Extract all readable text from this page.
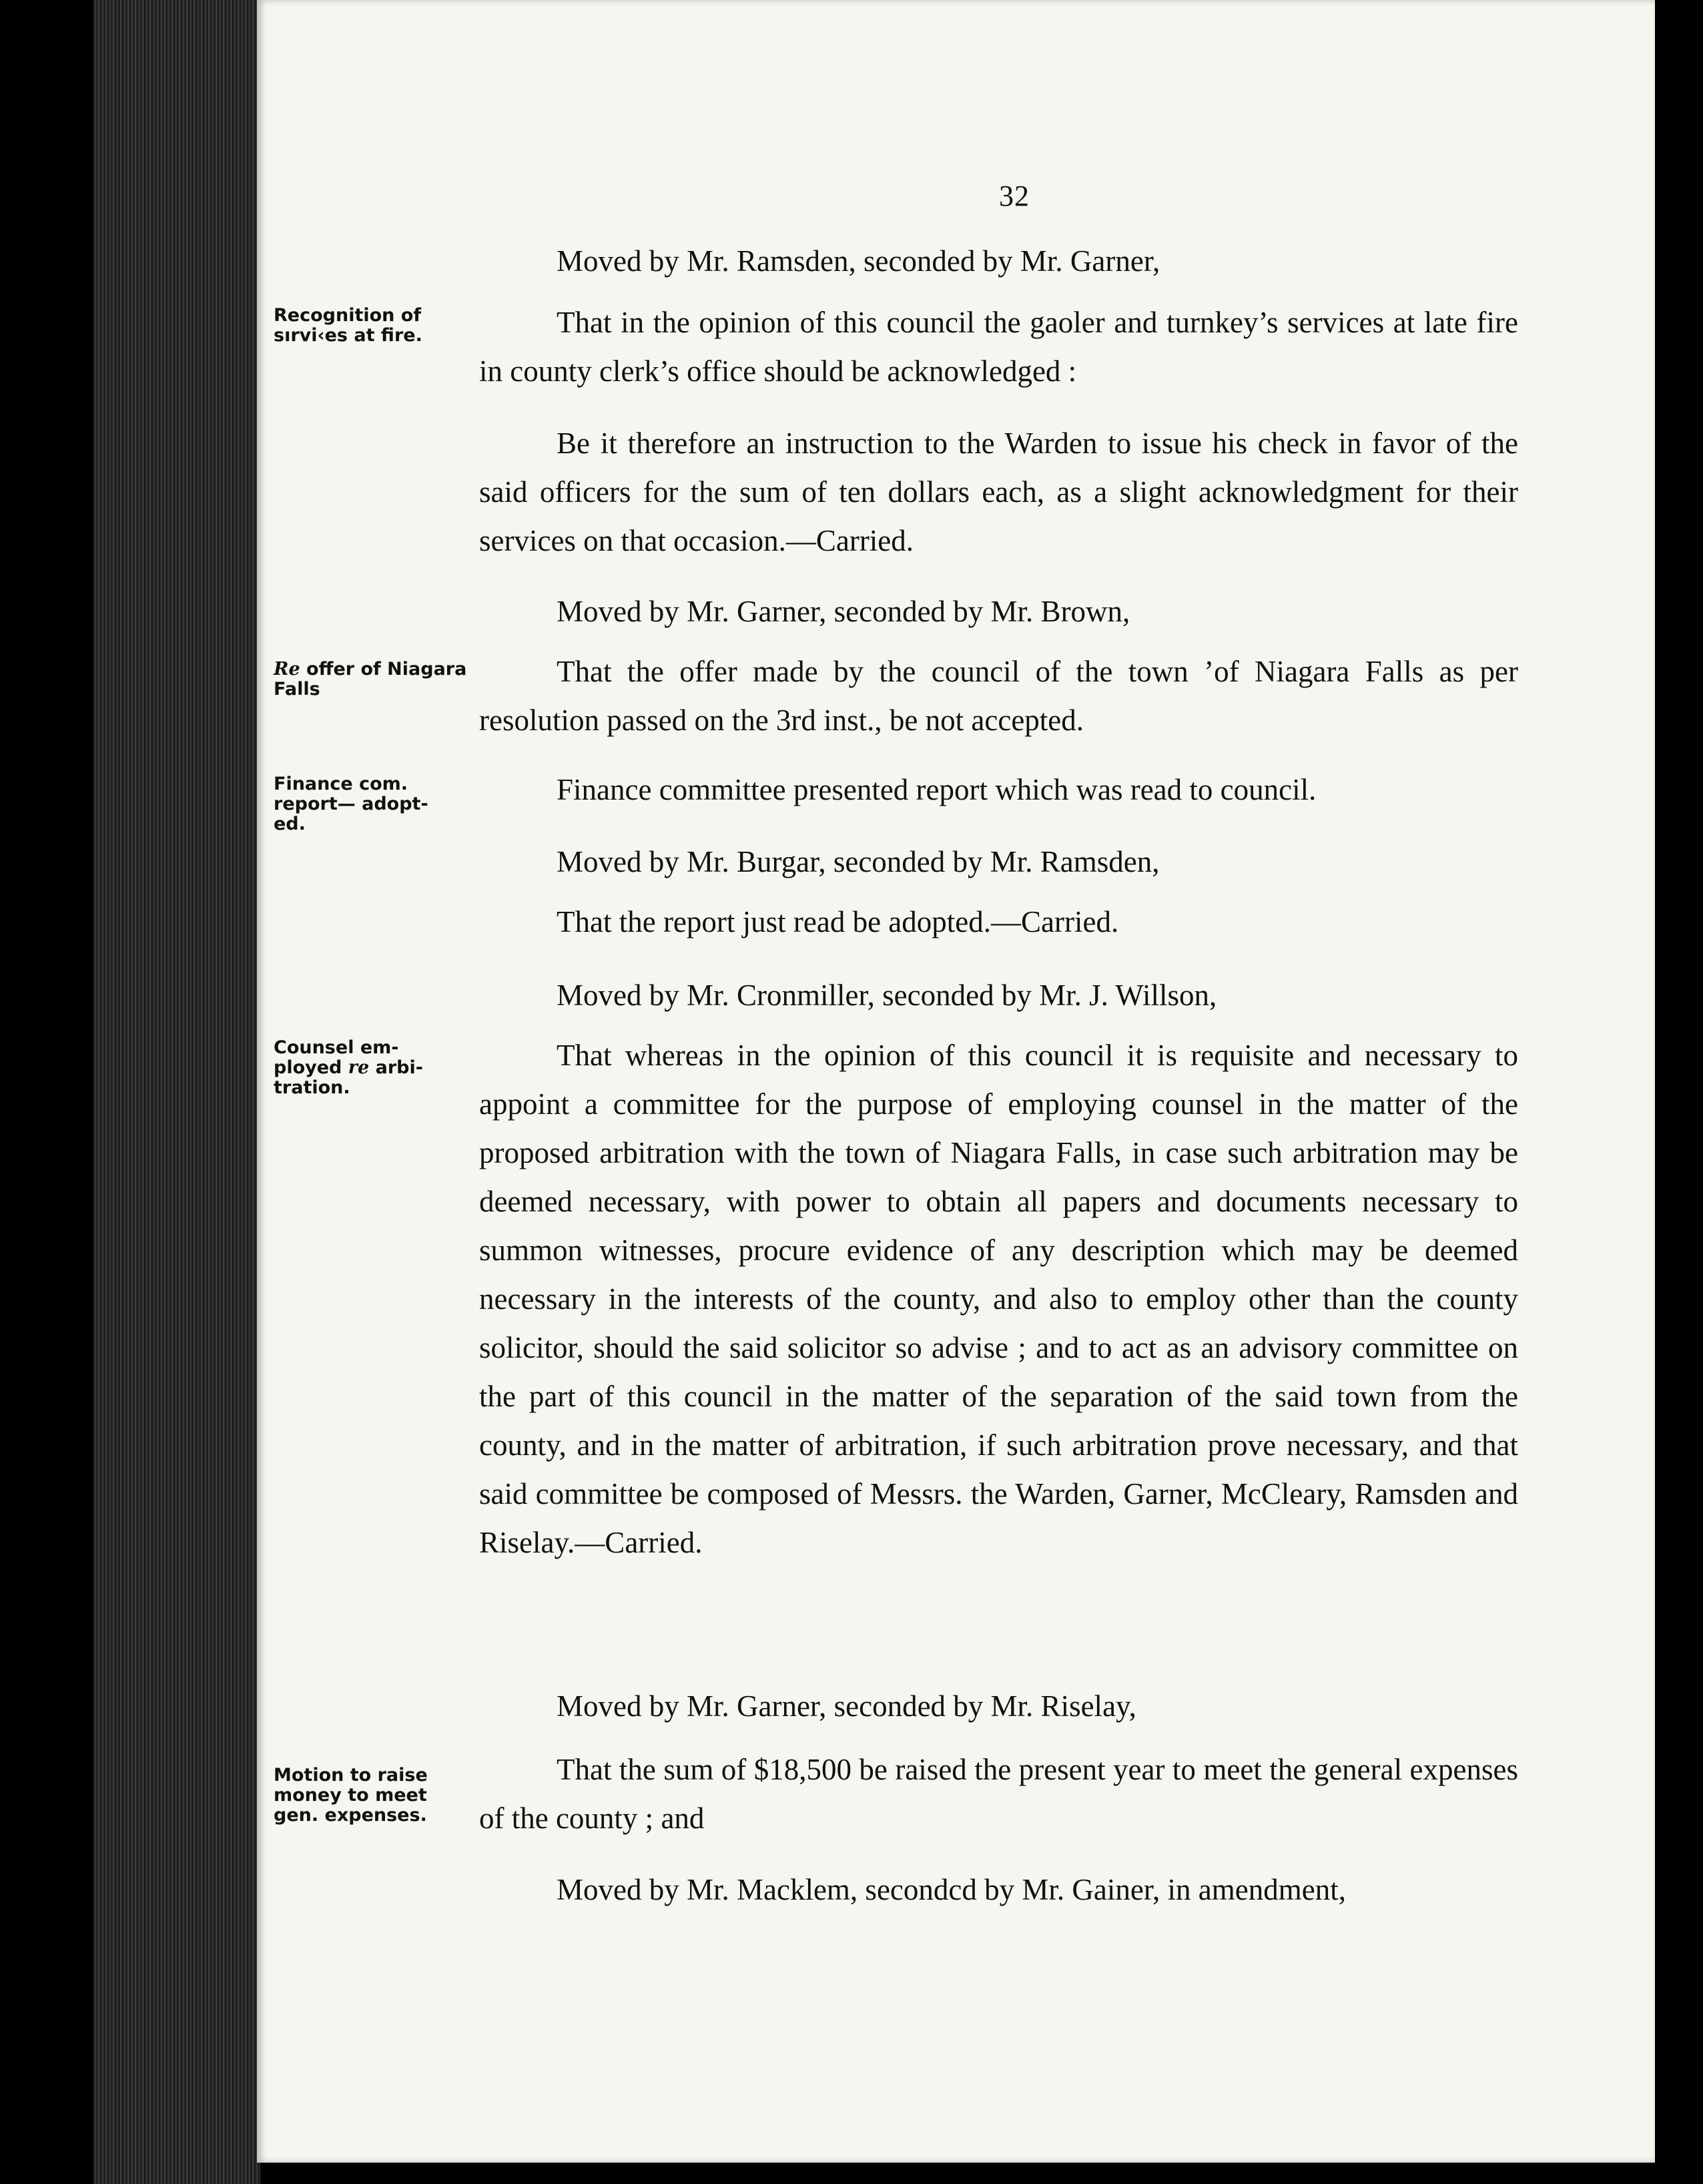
32
Recognition of sırvi‹es at fire.
Re offer of Niagara Falls
Finance com. report— adopt- ed.
Counsel em- ployed re arbi- tration.
Motion to raise money to meet gen. expenses.

Moved by Mr. Ramsden, seconded by Mr. Garner,

That in the opinion of this council the gaoler and turnkey’s services at late fire in county clerk’s office should be acknowledged :

Be it therefore an instruction to the Warden to issue his check in favor of the said officers for the sum of ten dollars each, as a slight acknowledgment for their services on that occasion.—Carried.

Moved by Mr. Garner, seconded by Mr. Brown,

That the offer made by the council of the town ’of Niagara Falls as per resolution passed on the 3rd inst., be not accepted.

Finance committee presented report which was read to council.

Moved by Mr. Burgar, seconded by Mr. Ramsden,

That the report just read be adopted.—Carried.

Moved by Mr. Cronmiller, seconded by Mr. J. Willson,

That whereas in the opinion of this council it is requisite and necessary to appoint a committee for the purpose of employing counsel in the matter of the proposed arbitration with the town of Niagara Falls, in case such arbitration may be deemed necessary, with power to obtain all papers and documents necessary to summon witnesses, procure evidence of any description which may be deemed necessary in the interests of the county, and also to employ other than the county solicitor, should the said solicitor so advise ; and to act as an advisory committee on the part of this council in the matter of the separation of the said town from the county, and in the matter of arbitration, if such arbitration prove necessary, and that said committee be composed of Messrs. the Warden, Garner, McCleary, Ramsden and Riselay.—Carried.

Moved by Mr. Garner, seconded by Mr. Riselay,

That the sum of $18,500 be raised the present year to meet the general expenses of the county ; and

Moved by Mr. Macklem, secondcd by Mr. Gainer, in amendment,
